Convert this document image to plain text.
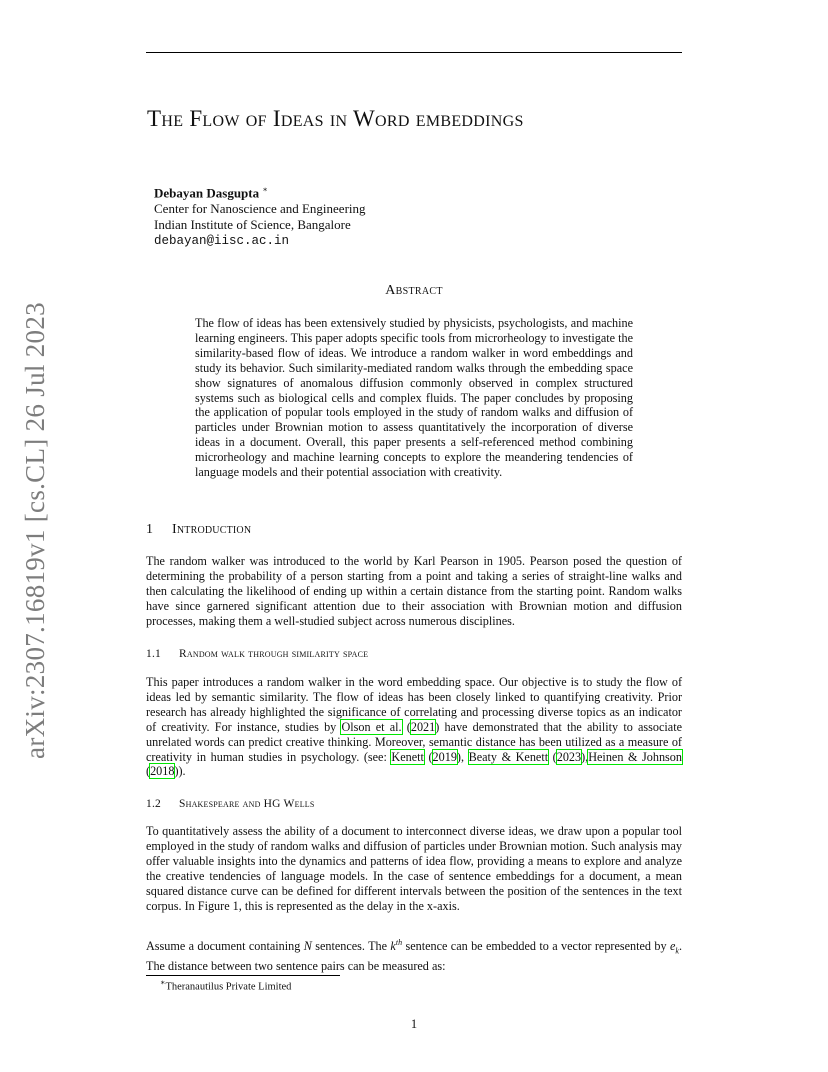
arXiv:2307.16819v1 [cs.CL] 26 Jul 2023
The Flow of Ideas in Word embeddings
Debayan Dasgupta ∗
Center for Nanoscience and Engineering
Indian Institute of Science, Bangalore
debayan@iisc.ac.in
Abstract

The flow of ideas has been extensively studied by physicists, psychologists, and machine learning engineers. This paper adopts specific tools from microrheology to investigate the similarity-based flow of ideas. We introduce a random walker in word embeddings and study its behavior. Such similarity-mediated random walks through the embedding space show signatures of anomalous diffusion commonly observed in complex structured systems such as biological cells and complex fluids. The paper concludes by proposing the application of popular tools employed in the study of random walks and diffusion of particles under Brownian motion to assess quantitatively the incorporation of diverse ideas in a document. Overall, this paper presents a self-referenced method combining microrheology and machine learning concepts to explore the meandering tendencies of language models and their potential association with creativity.

1 Introduction

The random walker was introduced to the world by Karl Pearson in 1905. Pearson posed the question of determining the probability of a person starting from a point and taking a series of straight-line walks and then calculating the likelihood of ending up within a certain distance from the starting point. Random walks have since garnered significant attention due to their association with Brownian motion and diffusion processes, making them a well-studied subject across numerous disciplines.

1.1 Random walk through similarity space

This paper introduces a random walker in the word embedding space. Our objective is to study the flow of ideas led by semantic similarity. The flow of ideas has been closely linked to quantifying creativity. Prior research has already highlighted the significance of correlating and processing diverse topics as an indicator of creativity. For instance, studies by Olson et al. (2021) have demonstrated that the ability to associate unrelated words can predict creative thinking. Moreover, semantic distance has been utilized as a measure of creativity in human studies in psychology. (see: Kenett (2019), Beaty & Kenett (2023),Heinen & Johnson (2018)).

1.2 Shakespeare and HG Wells

To quantitatively assess the ability of a document to interconnect diverse ideas, we draw upon a popular tool employed in the study of random walks and diffusion of particles under Brownian motion. Such analysis may offer valuable insights into the dynamics and patterns of idea flow, providing a means to explore and analyze the creative tendencies of language models. In the case of sentence embeddings for a document, a mean squared distance curve can be defined for different intervals between the position of the sentences in the text corpus. In Figure 1, this is represented as the delay in the x-axis.

Assume a document containing N sentences. The $k^{th}$ sentence can be embedded to a vector represented by $e_k$. The distance between two sentence pairs can be measured as:

∗Theranautilus Private Limited
1
